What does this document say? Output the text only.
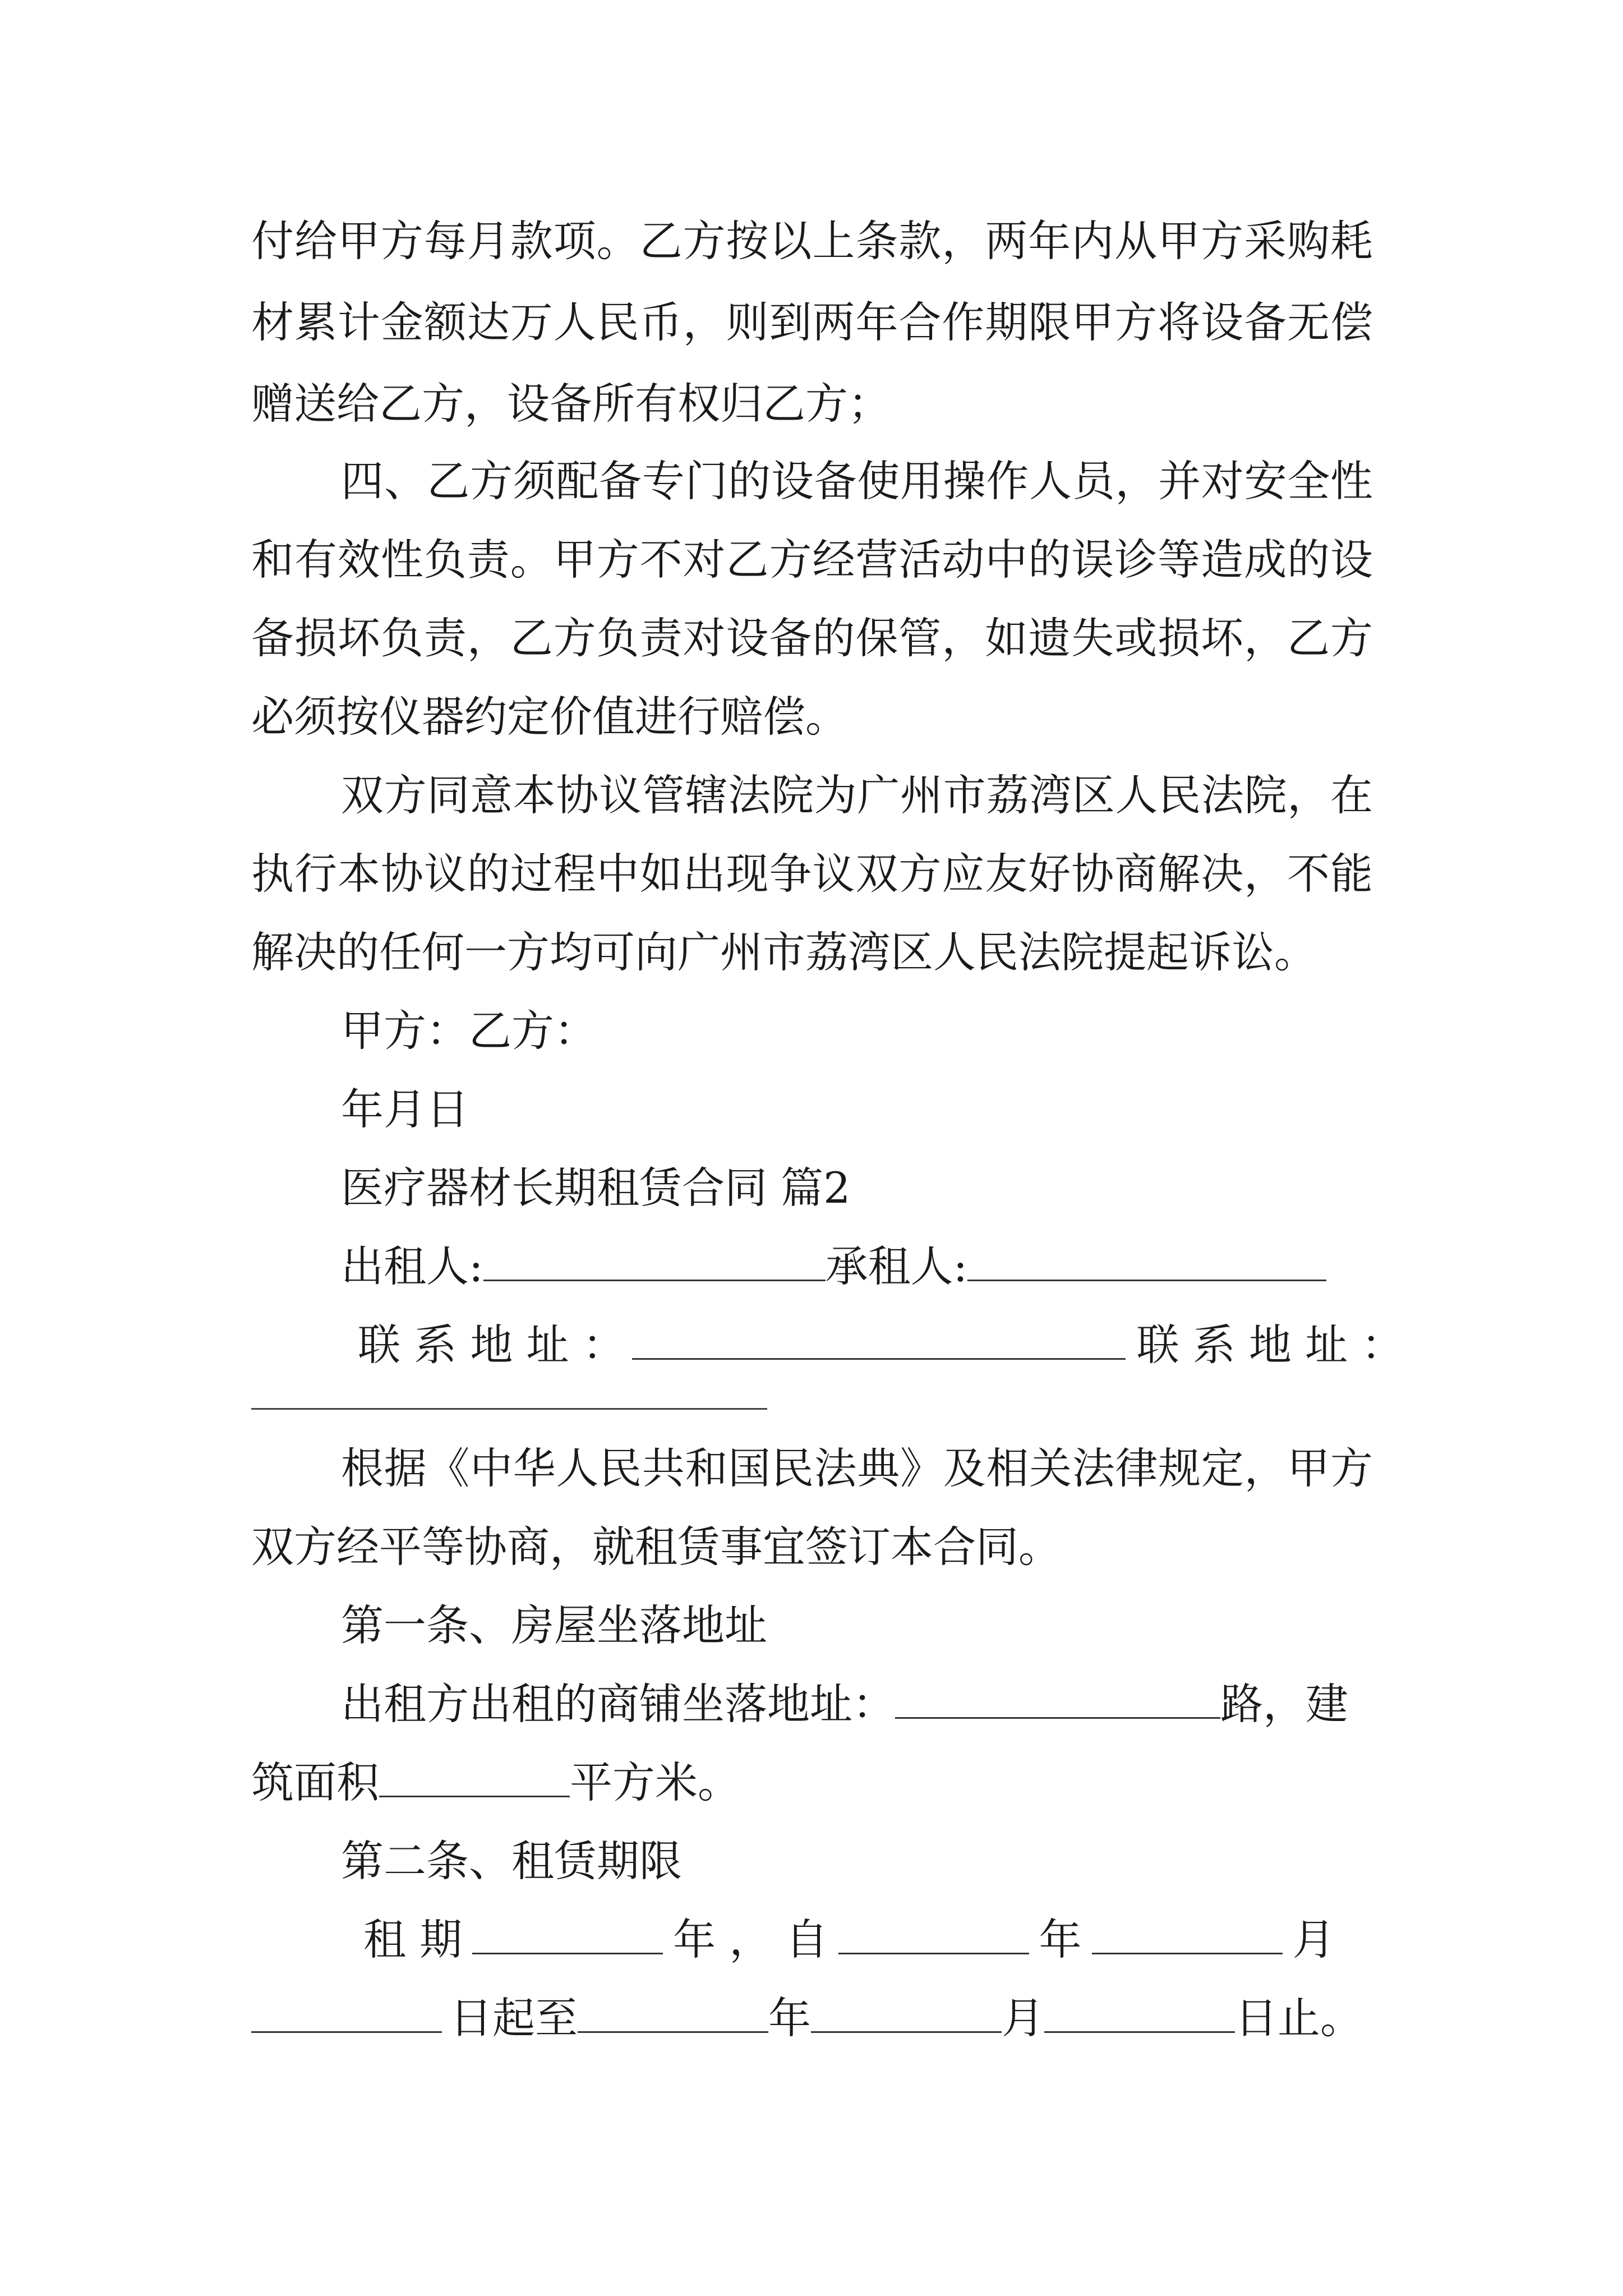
付给甲方每月款项。乙方按以上条款，两年内从甲方采购耗
材累计金额达万人民币，则到两年合作期限甲方将设备无偿
赠送给乙方，设备所有权归乙方；
四、乙方须配备专门的设备使用操作人员，并对安全性
和有效性负责。甲方不对乙方经营活动中的误诊等造成的设
备损坏负责，乙方负责对设备的保管，如遗失或损坏，乙方
必须按仪器约定价值进行赔偿。
双方同意本协议管辖法院为广州市荔湾区人民法院，在
执行本协议的过程中如出现争议双方应友好协商解决，不能
解决的任何一方均可向广州市荔湾区人民法院提起诉讼。
甲方：乙方：
年月日
医疗器材长期租赁合同 篇2
出租人:	承租人:
联 系 地 址 ：	联 系 地 址 ：
根据《中华人民共和国民法典》及相关法律规定，甲方
双方经平等协商，就租赁事宜签订本合同。
第一条、房屋坐落地址
出租方出租的商铺坐落地址：	路，建
筑面积	平方米。
第二条、租赁期限
租 期	年 ， 自	年	月
日起至	年	月	日止。
